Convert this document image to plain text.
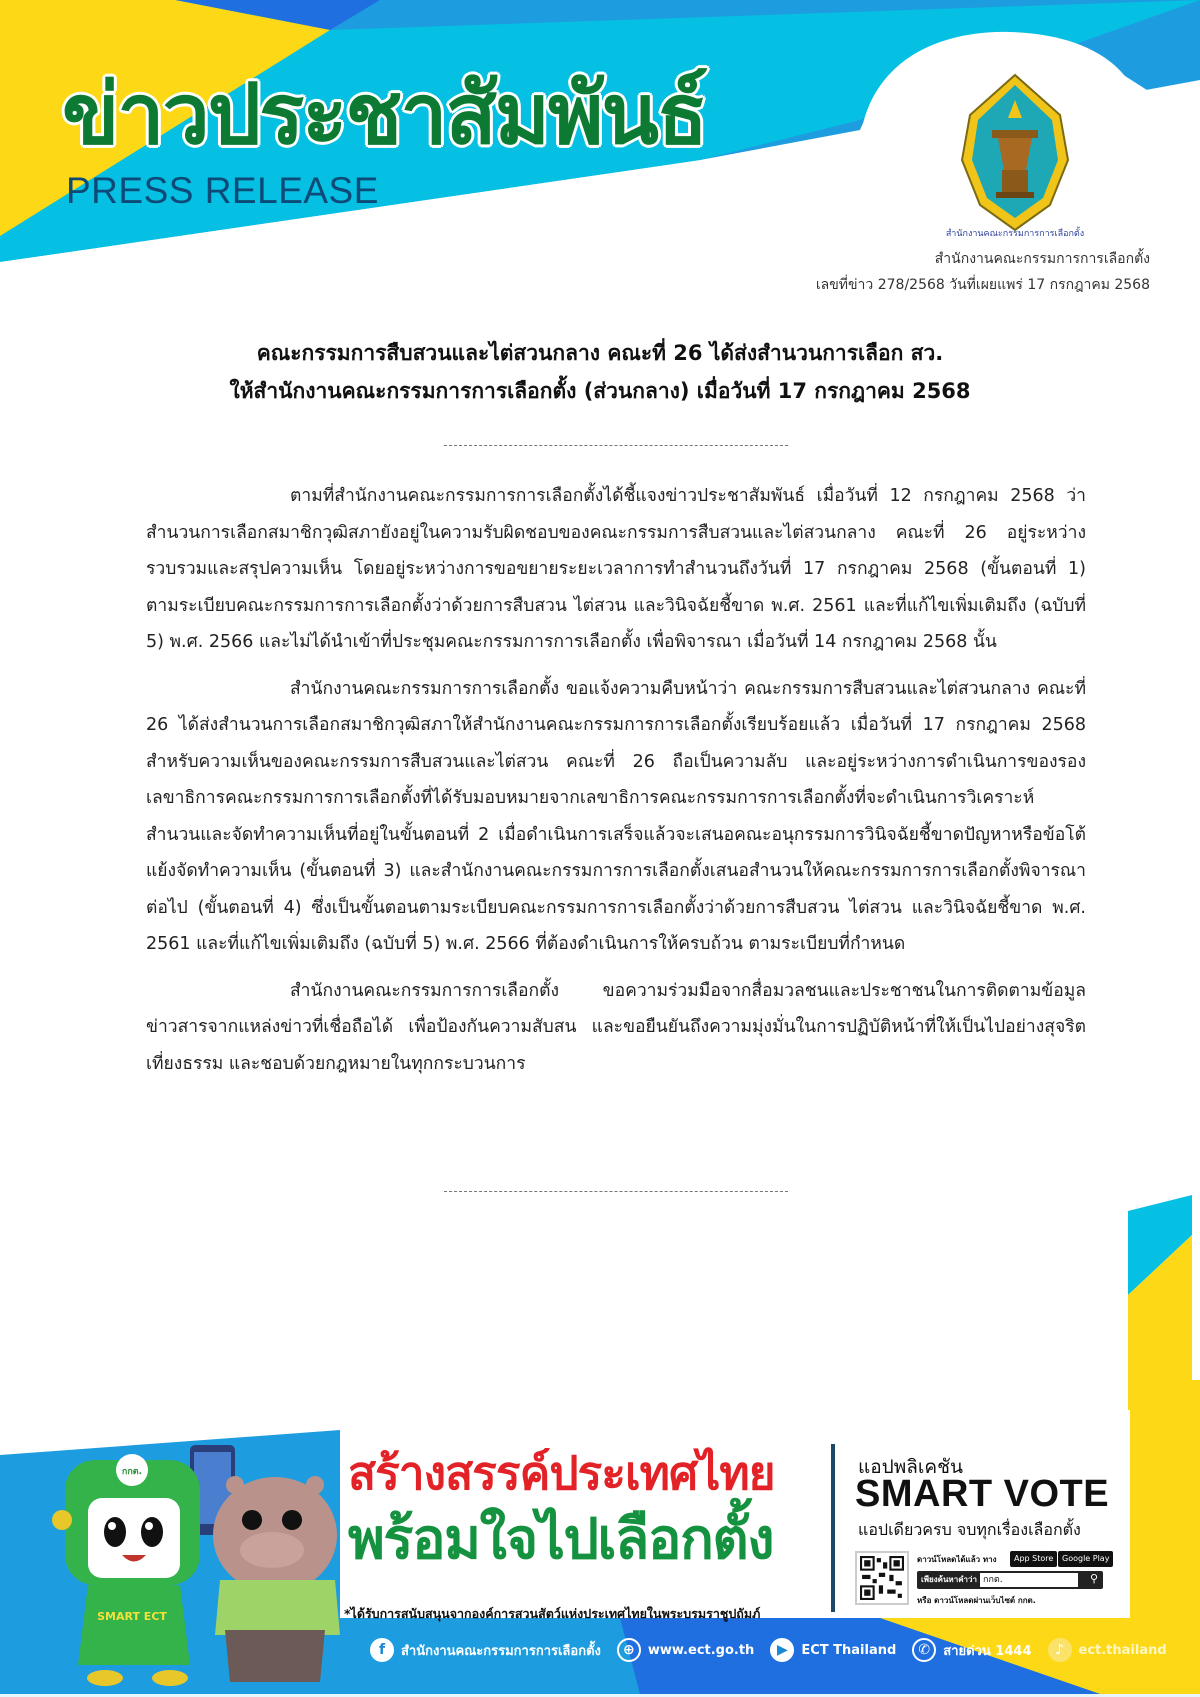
ข่าวประชาสัมพันธ์
PRESS RELEASE
สำนักงานคณะกรรมการการเลือกตั้ง
สำนักงานคณะกรรมการการเลือกตั้ง
เลขที่ข่าว 278/2568 วันที่เผยแพร่ 17 กรกฎาคม 2568
คณะกรรมการสืบสวนและไต่สวนกลาง คณะที่ 26 ได้ส่งสำนวนการเลือก สว.
ให้สำนักงานคณะกรรมการการเลือกตั้ง (ส่วนกลาง) เมื่อวันที่ 17 กรกฎาคม 2568

ตามที่สำนักงานคณะกรรมการการเลือกตั้งได้ชี้แจงข่าวประชาสัมพันธ์ เมื่อวันที่ 12 กรกฎาคม 2568 ว่าสำนวนการเลือกสมาชิกวุฒิสภายังอยู่ในความรับผิดชอบของคณะกรรมการสืบสวนและไต่สวนกลาง คณะที่ 26 อยู่ระหว่างรวบรวมและสรุปความเห็น โดยอยู่ระหว่างการขอขยายระยะเวลาการทำสำนวนถึงวันที่ 17 กรกฎาคม 2568 (ขั้นตอนที่ 1) ตามระเบียบคณะกรรมการการเลือกตั้งว่าด้วยการสืบสวน ไต่สวน และวินิจฉัยชี้ขาด พ.ศ. 2561 และที่แก้ไขเพิ่มเติมถึง (ฉบับที่ 5) พ.ศ. 2566 และไม่ได้นำเข้าที่ประชุมคณะกรรมการการเลือกตั้ง เพื่อพิจารณา เมื่อวันที่ 14 กรกฎาคม 2568 นั้น

สำนักงานคณะกรรมการการเลือกตั้ง ขอแจ้งความคืบหน้าว่า คณะกรรมการสืบสวนและไต่สวนกลาง คณะที่ 26 ได้ส่งสำนวนการเลือกสมาชิกวุฒิสภาให้สำนักงานคณะกรรมการการเลือกตั้งเรียบร้อยแล้ว เมื่อวันที่ 17 กรกฎาคม 2568 สำหรับความเห็นของคณะกรรมการสืบสวนและไต่สวน คณะที่ 26 ถือเป็นความลับ และอยู่ระหว่างการดำเนินการของรองเลขาธิการคณะกรรมการการเลือกตั้งที่ได้รับมอบหมายจากเลขาธิการคณะกรรมการการเลือกตั้งที่จะดำเนินการวิเคราะห์สำนวนและจัดทำความเห็นที่อยู่ในขั้นตอนที่ 2 เมื่อดำเนินการเสร็จแล้วจะเสนอคณะอนุกรรมการวินิจฉัยชี้ขาดปัญหาหรือข้อโต้แย้งจัดทำความเห็น (ขั้นตอนที่ 3) และสำนักงานคณะกรรมการการเลือกตั้งเสนอสำนวนให้คณะกรรมการการเลือกตั้งพิจารณาต่อไป (ขั้นตอนที่ 4) ซึ่งเป็นขั้นตอนตามระเบียบคณะกรรมการการเลือกตั้งว่าด้วยการสืบสวน ไต่สวน และวินิจฉัยชี้ขาด พ.ศ. 2561 และที่แก้ไขเพิ่มเติมถึง (ฉบับที่ 5) พ.ศ. 2566 ที่ต้องดำเนินการให้ครบถ้วน ตามระเบียบที่กำหนด

สำนักงานคณะกรรมการการเลือกตั้ง ขอความร่วมมือจากสื่อมวลชนและประชาชนในการติดตามข้อมูลข่าวสารจากแหล่งข่าวที่เชื่อถือได้ เพื่อป้องกันความสับสน และขอยืนยันถึงความมุ่งมั่นในการปฏิบัติหน้าที่ให้เป็นไปอย่างสุจริต เที่ยงธรรม และชอบด้วยกฎหมายในทุกกระบวนการ

กกต.
SMART ECT
สร้างสรรค์ประเทศไทย
พร้อมใจไปเลือกตั้ง
*ได้รับการสนับสนุนจากองค์การสวนสัตว์แห่งประเทศไทยในพระบรมราชูปถัมภ์
แอปพลิเคชัน
SMART VOTE
แอปเดียวครบ จบทุกเรื่องเลือกตั้ง
ดาวน์โหลดได้แล้ว ทาง	App Store	Google Play
เพียงค้นหาคำว่า กกต.	⚲
หรือ ดาวน์โหลดผ่านเว็บไซต์ กกต.
f	สำนักงานคณะกรรมการการเลือกตั้ง	⊕	www.ect.go.th	▶	ECT Thailand	✆	สายด่วน 1444	♪	ect.thailand
